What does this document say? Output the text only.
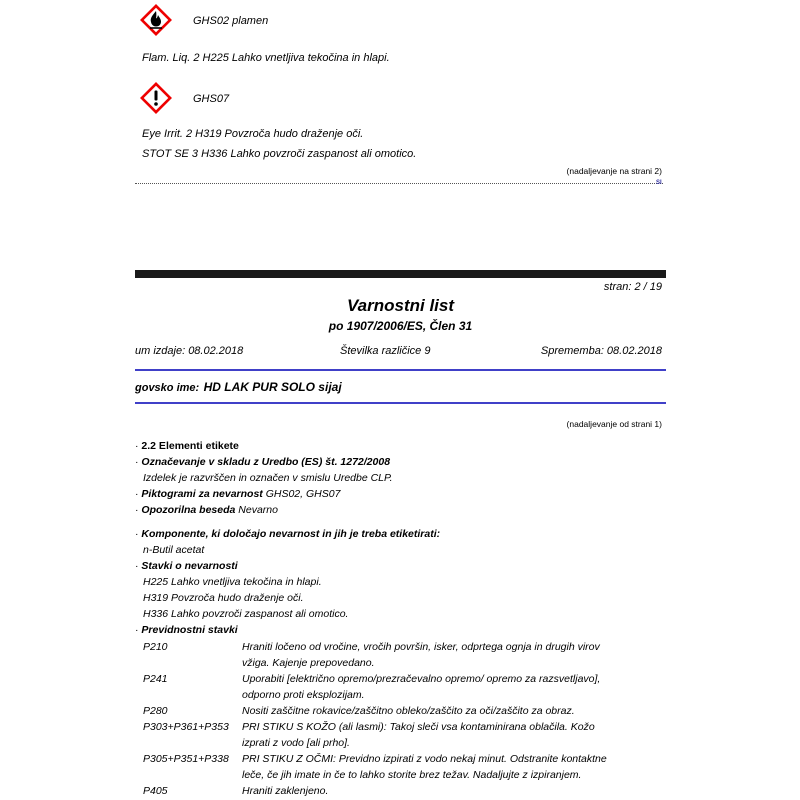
GHS02 plamen
Flam. Liq. 2 H225 Lahko vnetljiva tekočina in hlapi.
GHS07
Eye Irrit. 2 H319 Povzroča hudo draženje oči.
STOT SE 3 H336 Lahko povzroči zaspanost ali omotico.
(nadaljevanje na strani 2)
SI
stran: 2 / 19
Varnostni list
po 1907/2006/ES, Člen 31
um izdaje: 08.02.2018	Številka različice 9	Sprememba: 08.02.2018
ɡovsko ime: HD LAK PUR SOLO sijaj
(nadaljevanje od strani 1)
· 2.2 Elementi etikete
· Označevanje v skladu z Uredbo (ES) št. 1272/2008
Izdelek je razvrščen in označen v smislu Uredbe CLP.
· Piktogrami za nevarnost GHS02, GHS07
· Opozorilna beseda Nevarno
· Komponente, ki določajo nevarnost in jih je treba etiketirati:
n-Butil acetat
· Stavki o nevarnosti
H225 Lahko vnetljiva tekočina in hlapi.
H319 Povzroča hudo draženje oči.
H336 Lahko povzroči zaspanost ali omotico.
· Previdnostni stavki
P210	Hraniti ločeno od vročine, vročih površin, isker, odprtega ognja in drugih virov
vžiga. Kajenje prepovedano.
P241	Uporabiti [električno opremo/prezračevalno opremo/ opremo za razsvetljavo],
odporno proti eksplozijam.
P280	Nositi zaščitne rokavice/zaščitno obleko/zaščito za oči/zaščito za obraz.
P303+P361+P353 PRI STIKU S KOŽO (ali lasmi): Takoj sleči vsa kontaminirana oblačila. Kožo
izprati z vodo [ali prho].
P305+P351+P338 PRI STIKU Z OČMI: Previdno izpirati z vodo nekaj minut. Odstranite kontaktne
leče, če jih imate in če to lahko storite brez težav. Nadaljujte z izpiranjem.
P405	Hraniti zaklenjeno.
